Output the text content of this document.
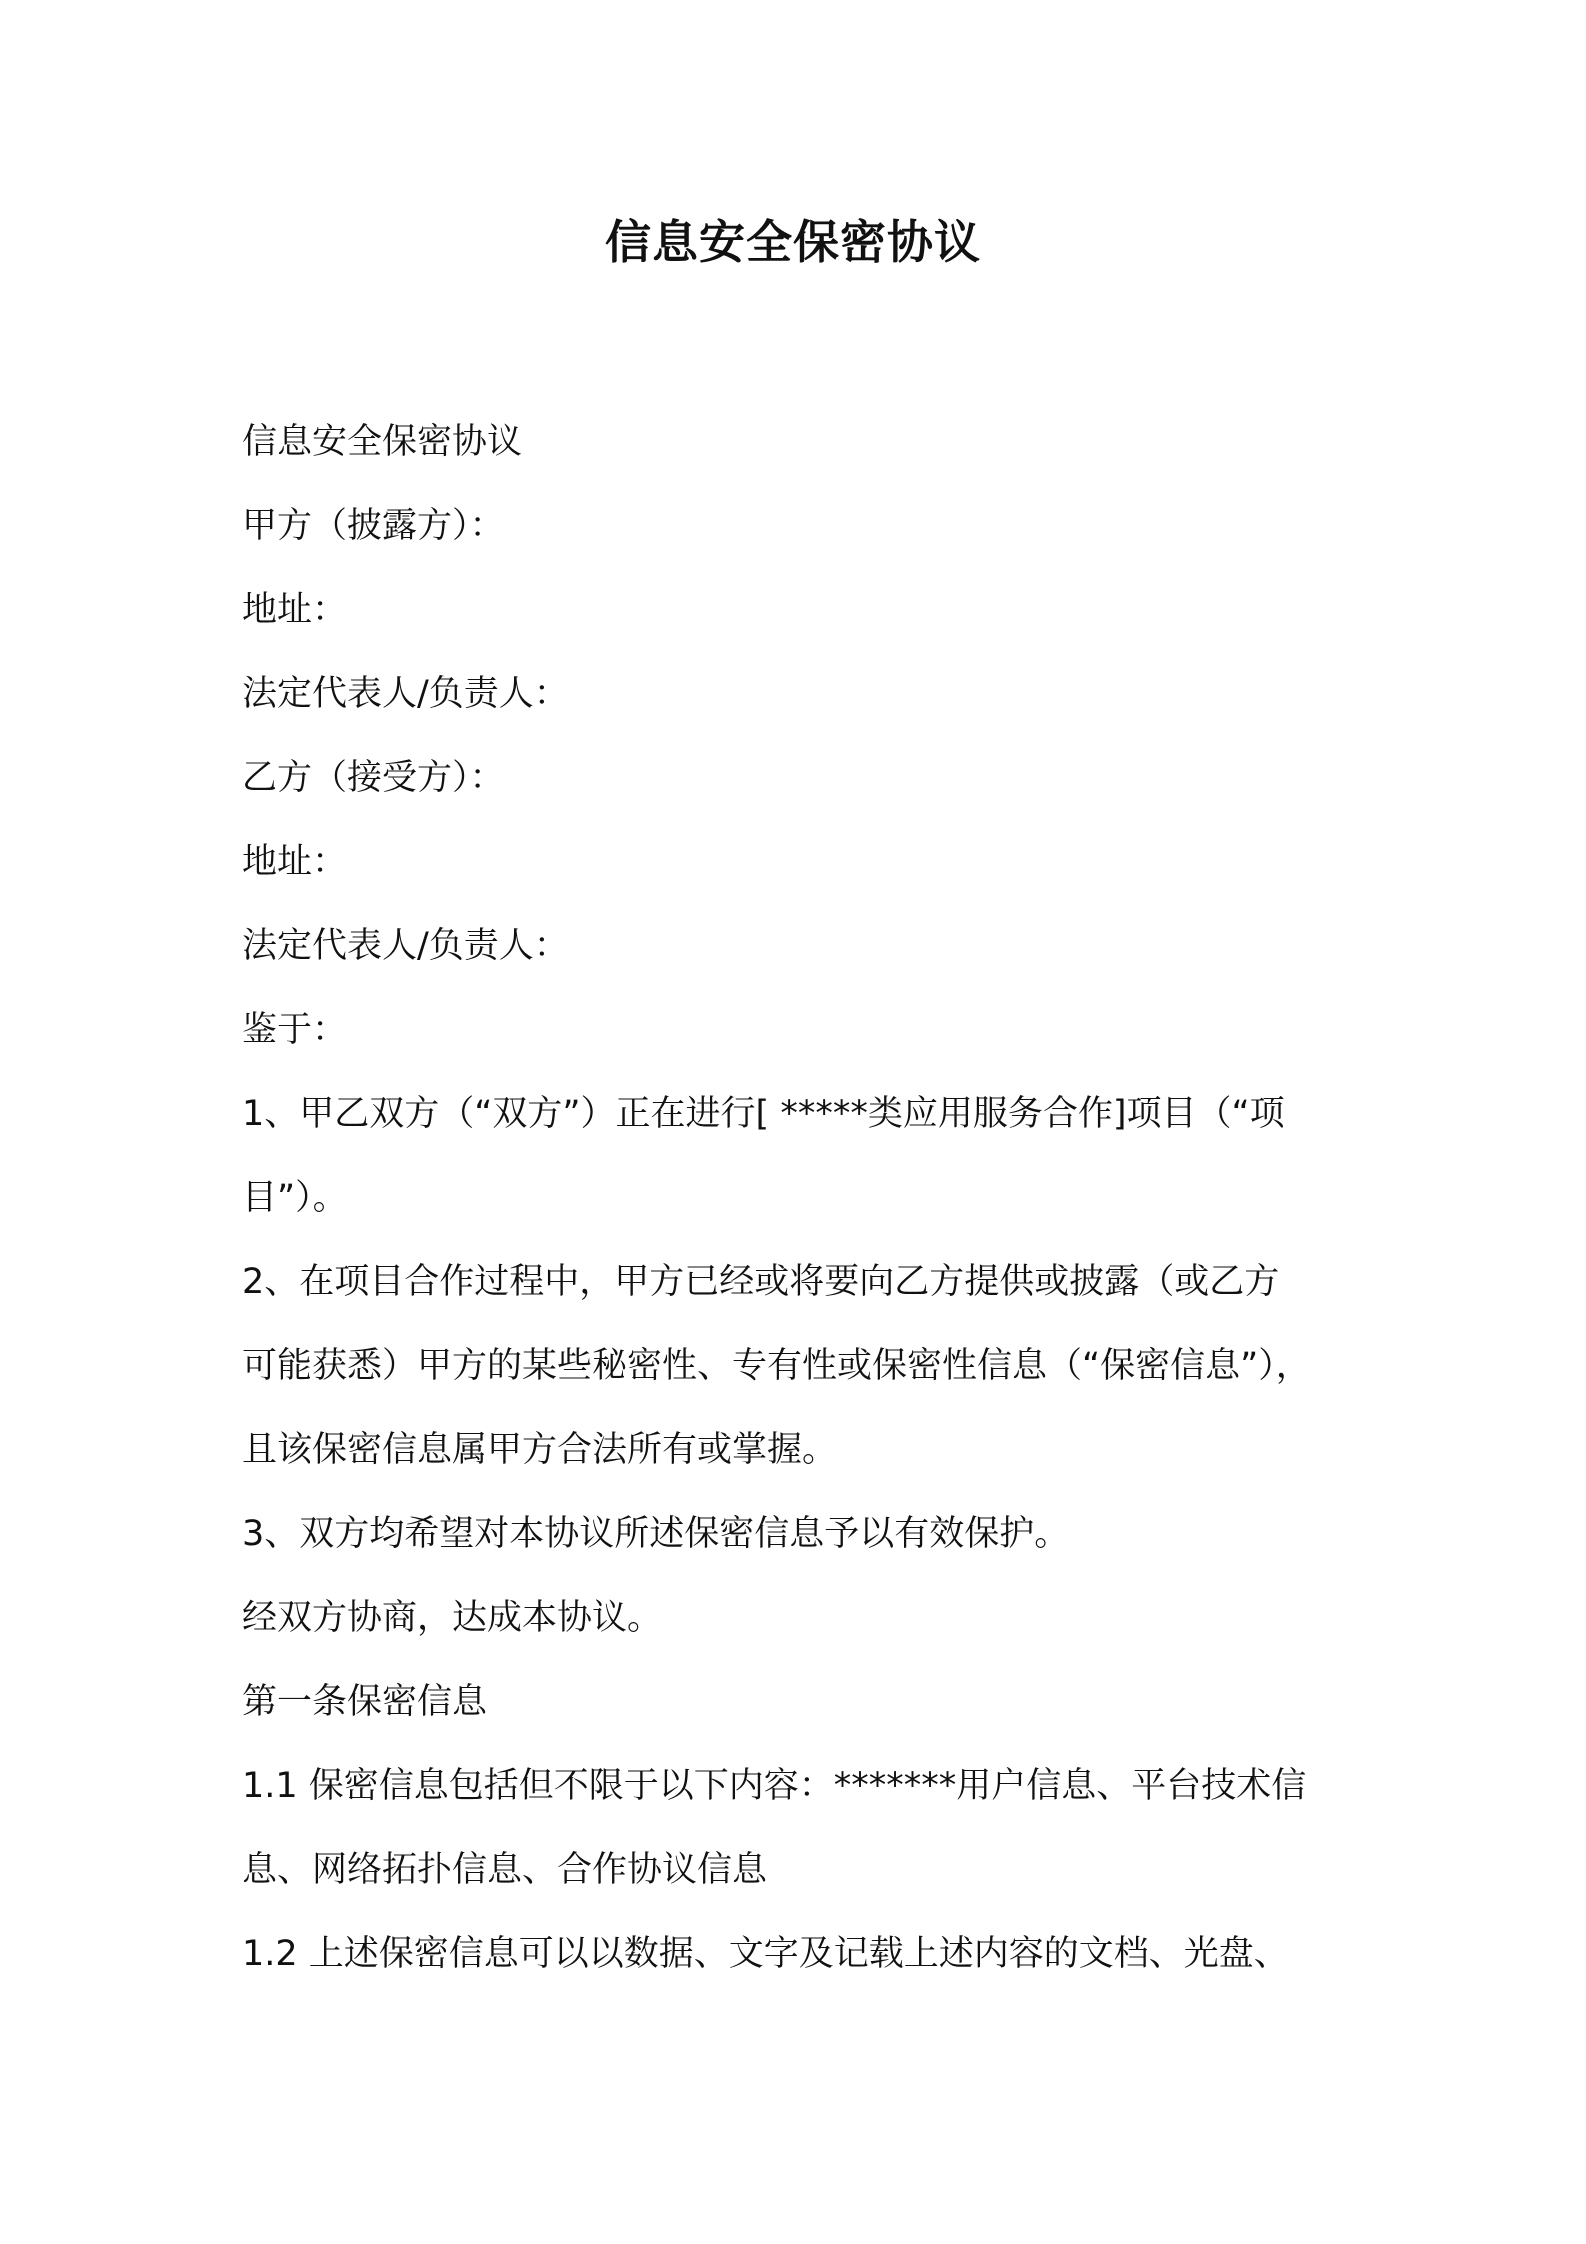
信息安全保密协议
信息安全保密协议
甲方（披露方）：
地址：
法定代表人/负责人：
乙方（接受方）：
地址：
法定代表人/负责人：
鉴于：
1、甲乙双方（“双方”）正在进行[ *****类应用服务合作]项目（“项
目”）。
2、在项目合作过程中，甲方已经或将要向乙方提供或披露（或乙方
可能获悉）甲方的某些秘密性、专有性或保密性信息（“保密信息”），
且该保密信息属甲方合法所有或掌握。
3、双方均希望对本协议所述保密信息予以有效保护。
经双方协商，达成本协议。
第一条保密信息
1.1 保密信息包括但不限于以下内容：*******用户信息、平台技术信
息、网络拓扑信息、合作协议信息
1.2 上述保密信息可以以数据、文字及记载上述内容的文档、光盘、
